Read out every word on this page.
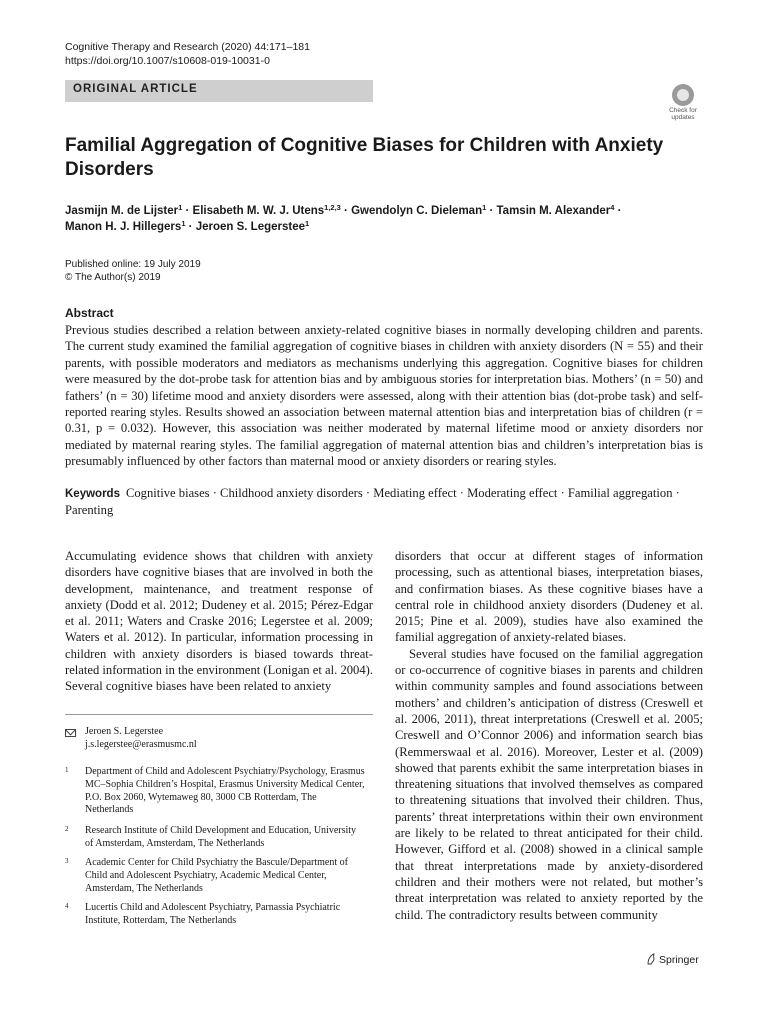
Cognitive Therapy and Research (2020) 44:171–181
https://doi.org/10.1007/s10608-019-10031-0
ORIGINAL ARTICLE
Check for
updates
Familial Aggregation of Cognitive Biases for Children with Anxiety Disorders
Jasmijn M. de Lijster$^1$ · Elisabeth M. W. J. Utens$^{1,2,3}$ · Gwendolyn C. Dieleman$^1$ · Tamsin M. Alexander$^4$ ·
Manon H. J. Hillegers$^1$ · Jeroen S. Legerstee$^1$
Published online: 19 July 2019
© The Author(s) 2019
Abstract
Previous studies described a relation between anxiety-related cognitive biases in normally developing children and parents. The current study examined the familial aggregation of cognitive biases in children with anxiety disorders (N = 55) and their parents, with possible moderators and mediators as mechanisms underlying this aggregation. Cognitive biases for children were measured by the dot-probe task for attention bias and by ambiguous stories for interpretation bias. Mothers’ (n = 50) and fathers’ (n = 30) lifetime mood and anxiety disorders were assessed, along with their attention bias (dot-probe task) and self-reported rearing styles. Results showed an association between maternal attention bias and interpretation bias of children (r = 0.31, p = 0.032). However, this association was neither moderated by maternal lifetime mood or anxiety disorders nor mediated by maternal rearing styles. The familial aggregation of maternal attention bias and children’s interpretation bias is presumably influenced by other factors than maternal mood or anxiety disorders or rearing styles.
Keywords Cognitive biases · Childhood anxiety disorders · Mediating effect · Moderating effect · Familial aggregation · Parenting

Accumulating evidence shows that children with anxiety disorders have cognitive biases that are involved in both the development, maintenance, and treatment response of anxiety (Dodd et al. 2012; Dudeney et al. 2015; Pérez-Edgar et al. 2011; Waters and Craske 2016; Legerstee et al. 2009; Waters et al. 2012). In particular, information processing in children with anxiety disorders is biased towards threat-related information in the environment (Lonigan et al. 2004). Several cognitive biases have been related to anxiety

disorders that occur at different stages of information processing, such as attentional biases, interpretation biases, and confirmation biases. As these cognitive biases have a central role in childhood anxiety disorders (Dudeney et al. 2015; Pine et al. 2009), studies have also examined the familial aggregation of anxiety-related biases.

Several studies have focused on the familial aggregation or co-occurrence of cognitive biases in parents and children within community samples and found associations between mothers’ and children’s anticipation of distress (Creswell et al. 2006, 2011), threat interpretations (Creswell et al. 2005; Creswell and O’Connor 2006) and information search bias (Remmerswaal et al. 2016). Moreover, Lester et al. (2009) showed that parents exhibit the same interpretation biases in threatening situations that involved themselves as compared to threatening situations that involved their children. Thus, parents’ threat interpretations within their own environment are likely to be related to threat anticipated for their child. However, Gifford et al. (2008) showed in a clinical sample that threat interpretations made by anxiety-disordered children and their mothers were not related, but mother’s threat interpretation was related to anxiety reported by the child. The contradictory results between community

Jeroen S. Legerstee
j.s.legerstee@erasmusmc.nl
1 Department of Child and Adolescent Psychiatry/Psychology, Erasmus MC–Sophia Children’s Hospital, Erasmus University Medical Center, P.O. Box 2060, Wytemaweg 80, 3000 CB Rotterdam, The Netherlands
2 Research Institute of Child Development and Education, University of Amsterdam, Amsterdam, The Netherlands
3 Academic Center for Child Psychiatry the Bascule/Department of Child and Adolescent Psychiatry, Academic Medical Center, Amsterdam, The Netherlands
4 Lucertis Child and Adolescent Psychiatry, Parnassia Psychiatric Institute, Rotterdam, The Netherlands
Springer
